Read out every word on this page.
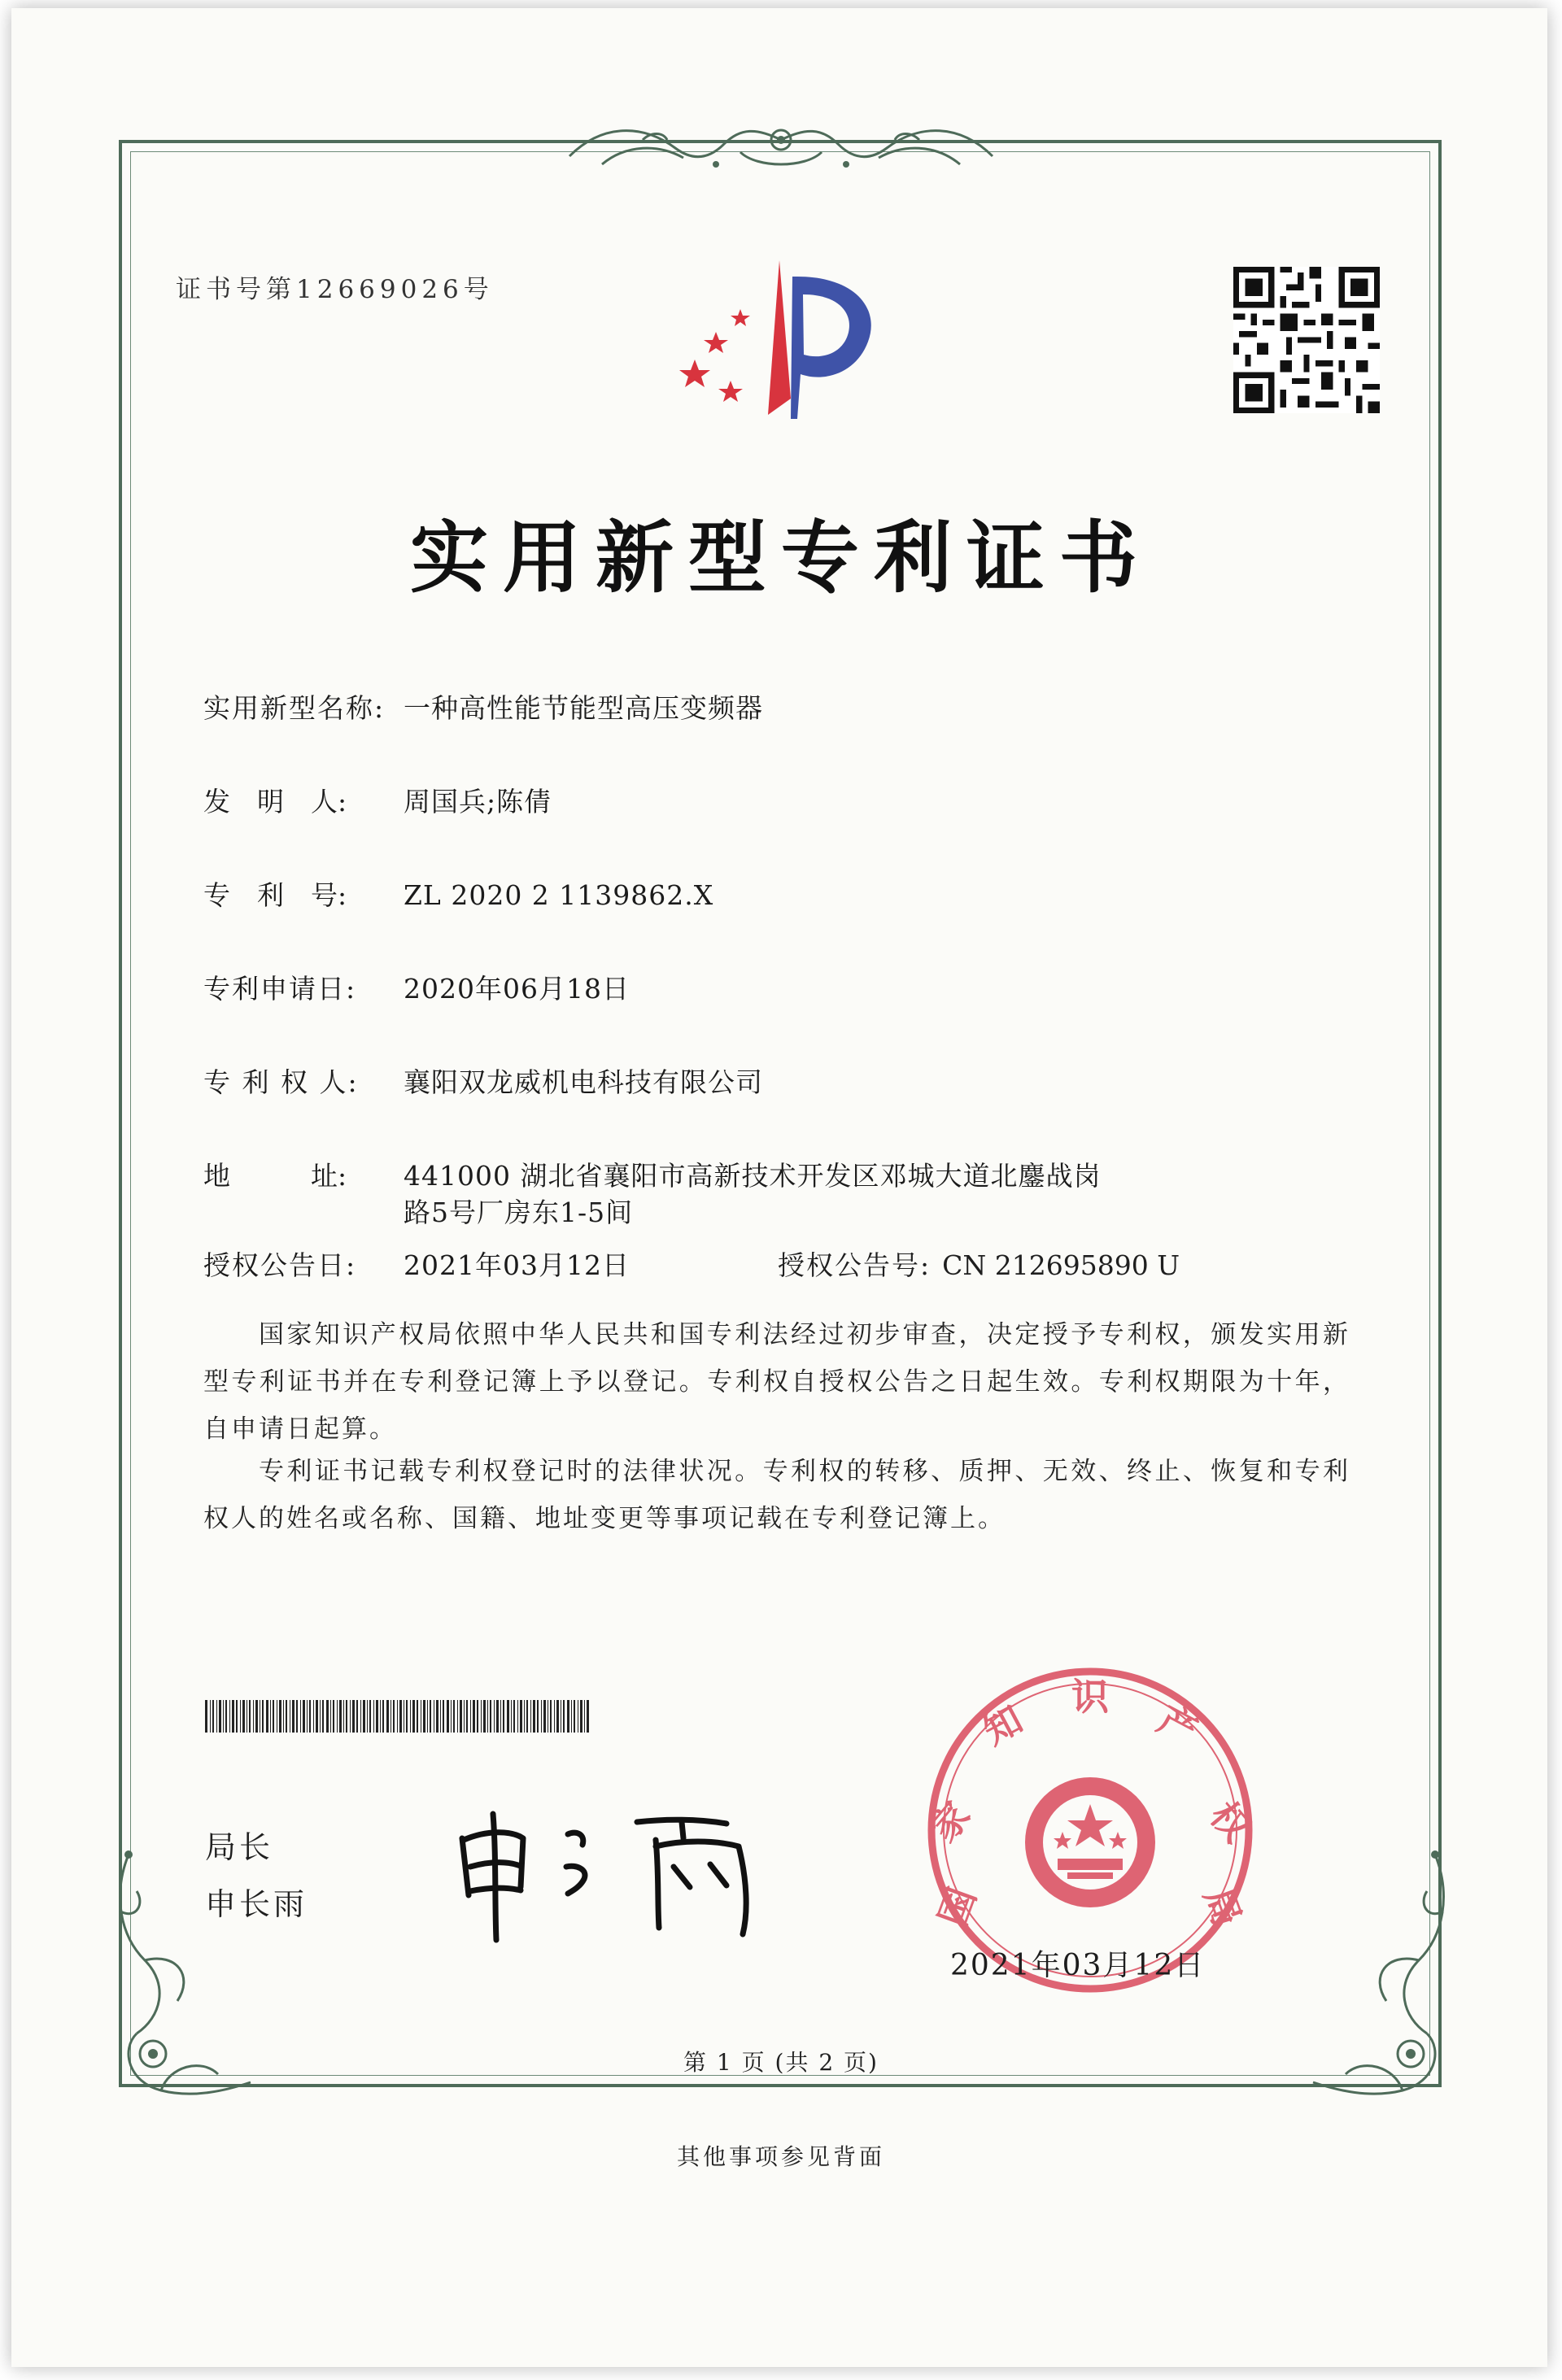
证书号第12669026号
实用新型专利证书
实用新型名称: 一种高性能节能型高压变频器
发　明　人: 周国兵;陈倩
专　利　号: ZL 2020 2 1139862.X
专利申请日: 2020年06月18日
专 利 权 人: 襄阳双龙威机电科技有限公司
地　　　址: 441000 湖北省襄阳市高新技术开发区邓城大道北鏖战岗
路5号厂房东1-5间
授权公告日: 2021年03月12日	授权公告号: CN 212695890 U
国家知识产权局依照中华人民共和国专利法经过初步审查，决定授予专利权，颁发实用新型专利证书并在专利登记簿上予以登记。专利权自授权公告之日起生效。专利权期限为十年，自申请日起算。
专利证书记载专利权登记时的法律状况。专利权的转移、质押、无效、终止、恢复和专利权人的姓名或名称、国籍、地址变更等事项记载在专利登记簿上。
局长
申长雨	国
家
知
识
产
权
局
2021年03月12日
第 1 页 (共 2 页)
其他事项参见背面
